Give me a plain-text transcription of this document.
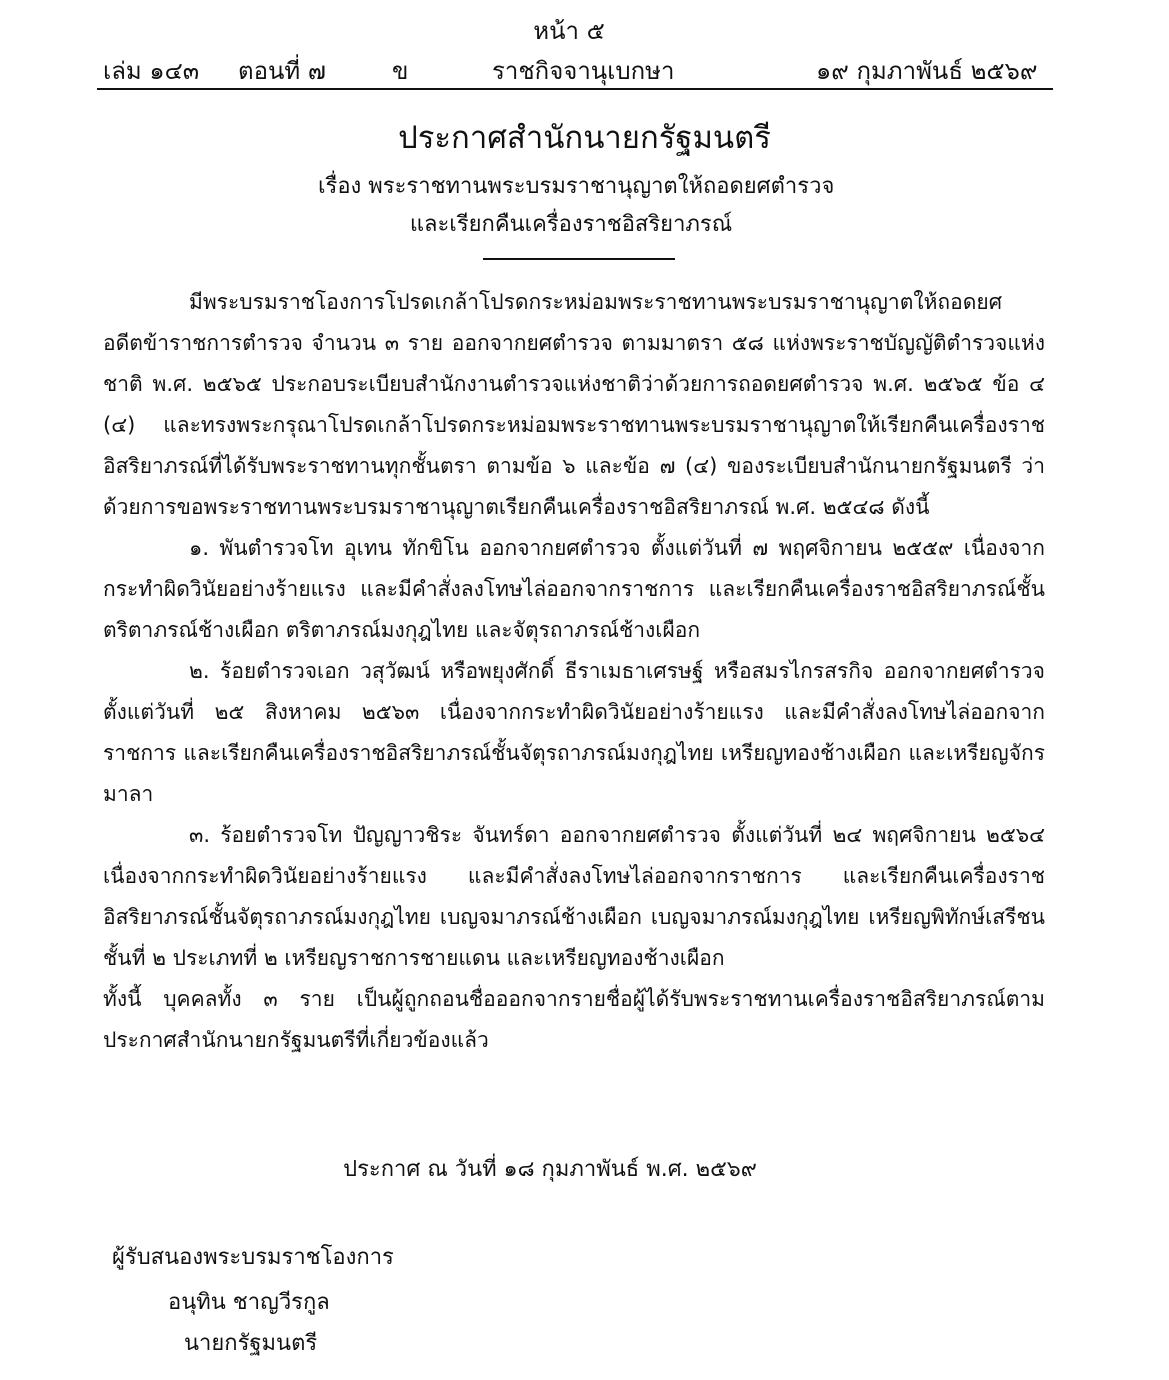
หน้า ๕
เล่ม ๑๔๓ ตอนที่ ๗	ข	ราชกิจจานุเบกษา	๑๙ กุมภาพันธ์ ๒๕๖๙
ประกาศสำนักนายกรัฐมนตรี
เรื่อง พระราชทานพระบรมราชานุญาตให้ถอดยศตำรวจ
และเรียกคืนเครื่องราชอิสริยาภรณ์

มีพระบรมราชโองการโปรดเกล้าโปรดกระหม่อมพระราชทานพระบรมราชานุญาตให้ถอดยศ อดีตข้าราชการตำรวจ จำนวน ๓ ราย ออกจากยศตำรวจ ตามมาตรา ๕๘ แห่งพระราชบัญญัติตำรวจแห่งชาติ พ.ศ. ๒๕๖๕ ประกอบระเบียบสำนักงานตำรวจแห่งชาติว่าด้วยการถอดยศตำรวจ พ.ศ. ๒๕๖๕ ข้อ ๔ (๔) และทรงพระกรุณาโปรดเกล้าโปรดกระหม่อมพระราชทานพระบรมราชานุญาตให้เรียกคืนเครื่องราชอิสริยาภรณ์ที่ได้รับพระราชทานทุกชั้นตรา ตามข้อ ๖ และข้อ ๗ (๔) ของระเบียบสำนักนายกรัฐมนตรี ว่าด้วยการขอพระราชทานพระบรมราชานุญาตเรียกคืนเครื่องราชอิสริยาภรณ์ พ.ศ. ๒๕๔๘ ดังนี้

๑. พันตำรวจโท อุเทน ทักขิโน ออกจากยศตำรวจ ตั้งแต่วันที่ ๗ พฤศจิกายน ๒๕๕๙ เนื่องจากกระทำผิดวินัยอย่างร้ายแรง และมีคำสั่งลงโทษไล่ออกจากราชการ และเรียกคืนเครื่องราชอิสริยาภรณ์ชั้นตริตาภรณ์ช้างเผือก ตริตาภรณ์มงกุฎไทย และจัตุรถาภรณ์ช้างเผือก

๒. ร้อยตำรวจเอก วสุวัฒน์ หรือพยุงศักดิ์ ธีราเมธาเศรษฐ์ หรือสมรไกรสรกิจ ออกจากยศตำรวจ ตั้งแต่วันที่ ๒๕ สิงหาคม ๒๕๖๓ เนื่องจากกระทำผิดวินัยอย่างร้ายแรง และมีคำสั่งลงโทษไล่ออกจากราชการ และเรียกคืนเครื่องราชอิสริยาภรณ์ชั้นจัตุรถาภรณ์มงกุฎไทย เหรียญทองช้างเผือก และเหรียญจักรมาลา

๓. ร้อยตำรวจโท ปัญญาวชิระ จันทร์ดา ออกจากยศตำรวจ ตั้งแต่วันที่ ๒๔ พฤศจิกายน ๒๕๖๔ เนื่องจากกระทำผิดวินัยอย่างร้ายแรง และมีคำสั่งลงโทษไล่ออกจากราชการ และเรียกคืนเครื่องราชอิสริยาภรณ์ชั้นจัตุรถาภรณ์มงกุฎไทย เบญจมาภรณ์ช้างเผือก เบญจมาภรณ์มงกุฎไทย เหรียญพิทักษ์เสรีชน ชั้นที่ ๒ ประเภทที่ ๒ เหรียญราชการชายแดน และเหรียญทองช้างเผือก

ทั้งนี้ บุคคลทั้ง ๓ ราย เป็นผู้ถูกถอนชื่อออกจากรายชื่อผู้ได้รับพระราชทานเครื่องราชอิสริยาภรณ์ตามประกาศสำนักนายกรัฐมนตรีที่เกี่ยวข้องแล้ว

ประกาศ ณ วันที่ ๑๘ กุมภาพันธ์ พ.ศ. ๒๕๖๙
ผู้รับสนองพระบรมราชโองการ
อนุทิน ชาญวีรกูล
นายกรัฐมนตรี
